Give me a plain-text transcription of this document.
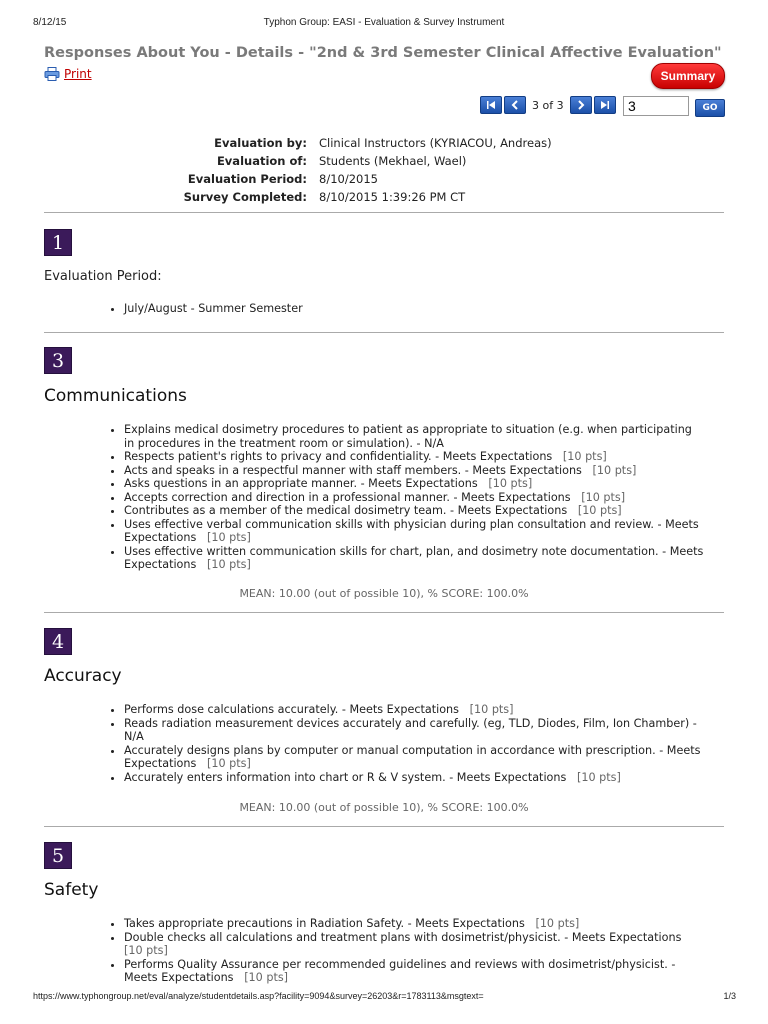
8/12/15	Typhon Group: EASI - Evaluation & Survey Instrument
Responses About You - Details - "2nd & 3rd Semester Clinical Affective Evaluation"
Print	Summary
3 of 3
3	GO
Evaluation by: Clinical Instructors (KYRIACOU, Andreas)
Evaluation of: Students (Mekhael, Wael)
Evaluation Period: 8/10/2015
Survey Completed: 8/10/2015 1:39:26 PM CT
1
Evaluation Period:
• July/August - Summer Semester
3
Communications
• Explains medical dosimetry procedures to patient as appropriate to situation (e.g. when participating in procedures in the treatment room or simulation). - N/A
• Respects patient's rights to privacy and confidentiality. - Meets Expectations [10 pts]
• Acts and speaks in a respectful manner with staff members. - Meets Expectations [10 pts]
• Asks questions in an appropriate manner. - Meets Expectations [10 pts]
• Accepts correction and direction in a professional manner. - Meets Expectations [10 pts]
• Contributes as a member of the medical dosimetry team. - Meets Expectations [10 pts]
• Uses effective verbal communication skills with physician during plan consultation and review. - Meets Expectations [10 pts]
• Uses effective written communication skills for chart, plan, and dosimetry note documentation. - Meets Expectations [10 pts]
MEAN: 10.00 (out of possible 10), % SCORE: 100.0%
4
Accuracy
• Performs dose calculations accurately. - Meets Expectations [10 pts]
• Reads radiation measurement devices accurately and carefully. (eg, TLD, Diodes, Film, Ion Chamber) - N/A
• Accurately designs plans by computer or manual computation in accordance with prescription. - Meets Expectations [10 pts]
• Accurately enters information into chart or R & V system. - Meets Expectations [10 pts]
MEAN: 10.00 (out of possible 10), % SCORE: 100.0%
5
Safety
• Takes appropriate precautions in Radiation Safety. - Meets Expectations [10 pts]
• Double checks all calculations and treatment plans with dosimetrist/physicist. - Meets Expectations   [10 pts]
• Performs Quality Assurance per recommended guidelines and reviews with dosimetrist/physicist. - Meets Expectations [10 pts]
https://www.typhongroup.net/eval/analyze/studentdetails.asp?facility=9094&survey=26203&r=1783113&msgtext=	1/3
